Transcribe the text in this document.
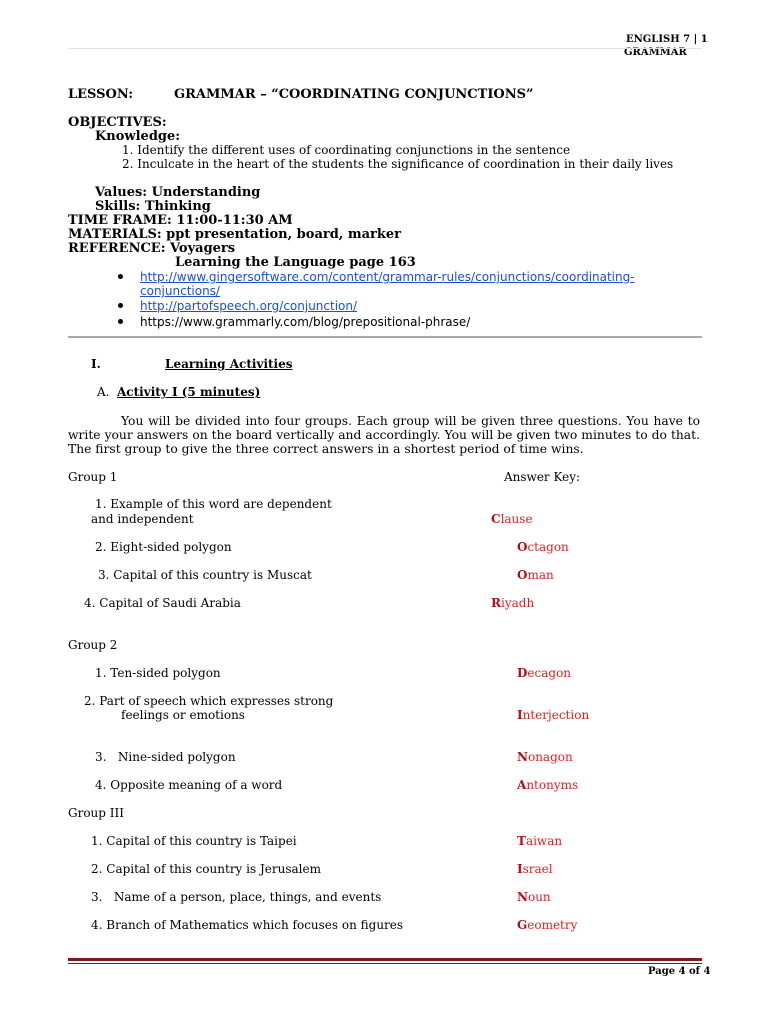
ENGLISH 7 | 1
GRAMMAR
LESSON:	GRAMMAR – “COORDINATING CONJUNCTIONS”
OBJECTIVES:
Knowledge:
1. Identify the different uses of coordinating conjunctions in the sentence
2. Inculcate in the heart of the students the significance of coordination in their daily lives
Values: Understanding
Skills: Thinking
TIME FRAME: 11:00-11:30 AM
MATERIALS: ppt presentation, board, marker
REFERENCE: Voyagers
Learning the Language page 163
http://www.gingersoftware.com/content/grammar-rules/conjunctions/coordinating-
conjunctions/
http://partofspeech.org/conjunction/
https://www.grammarly.com/blog/prepositional-phrase/
I.	Learning Activities
A. Activity I (5 minutes)
You will be divided into four groups. Each group will be given three questions. You have to write your answers on the board vertically and accordingly. You will be given two minutes to do that. The first group to give the three correct answers in a shortest period of time wins.
Group 1	Answer Key:
1. Example of this word are dependent
and independent	Clause
2. Eight-sided polygon	Octagon
3. Capital of this country is Muscat	Oman
4. Capital of Saudi Arabia	Riyadh
Group 2
1. Ten-sided polygon	Decagon
2. Part of speech which expresses strong
feelings or emotions	Interjection
3.   Nine-sided polygon	Nonagon
4. Opposite meaning of a word	Antonyms
Group III
1. Capital of this country is Taipei	Taiwan
2. Capital of this country is Jerusalem	Israel
3.   Name of a person, place, things, and events	Noun
4. Branch of Mathematics which focuses on figures	Geometry
Page 4 of 4
